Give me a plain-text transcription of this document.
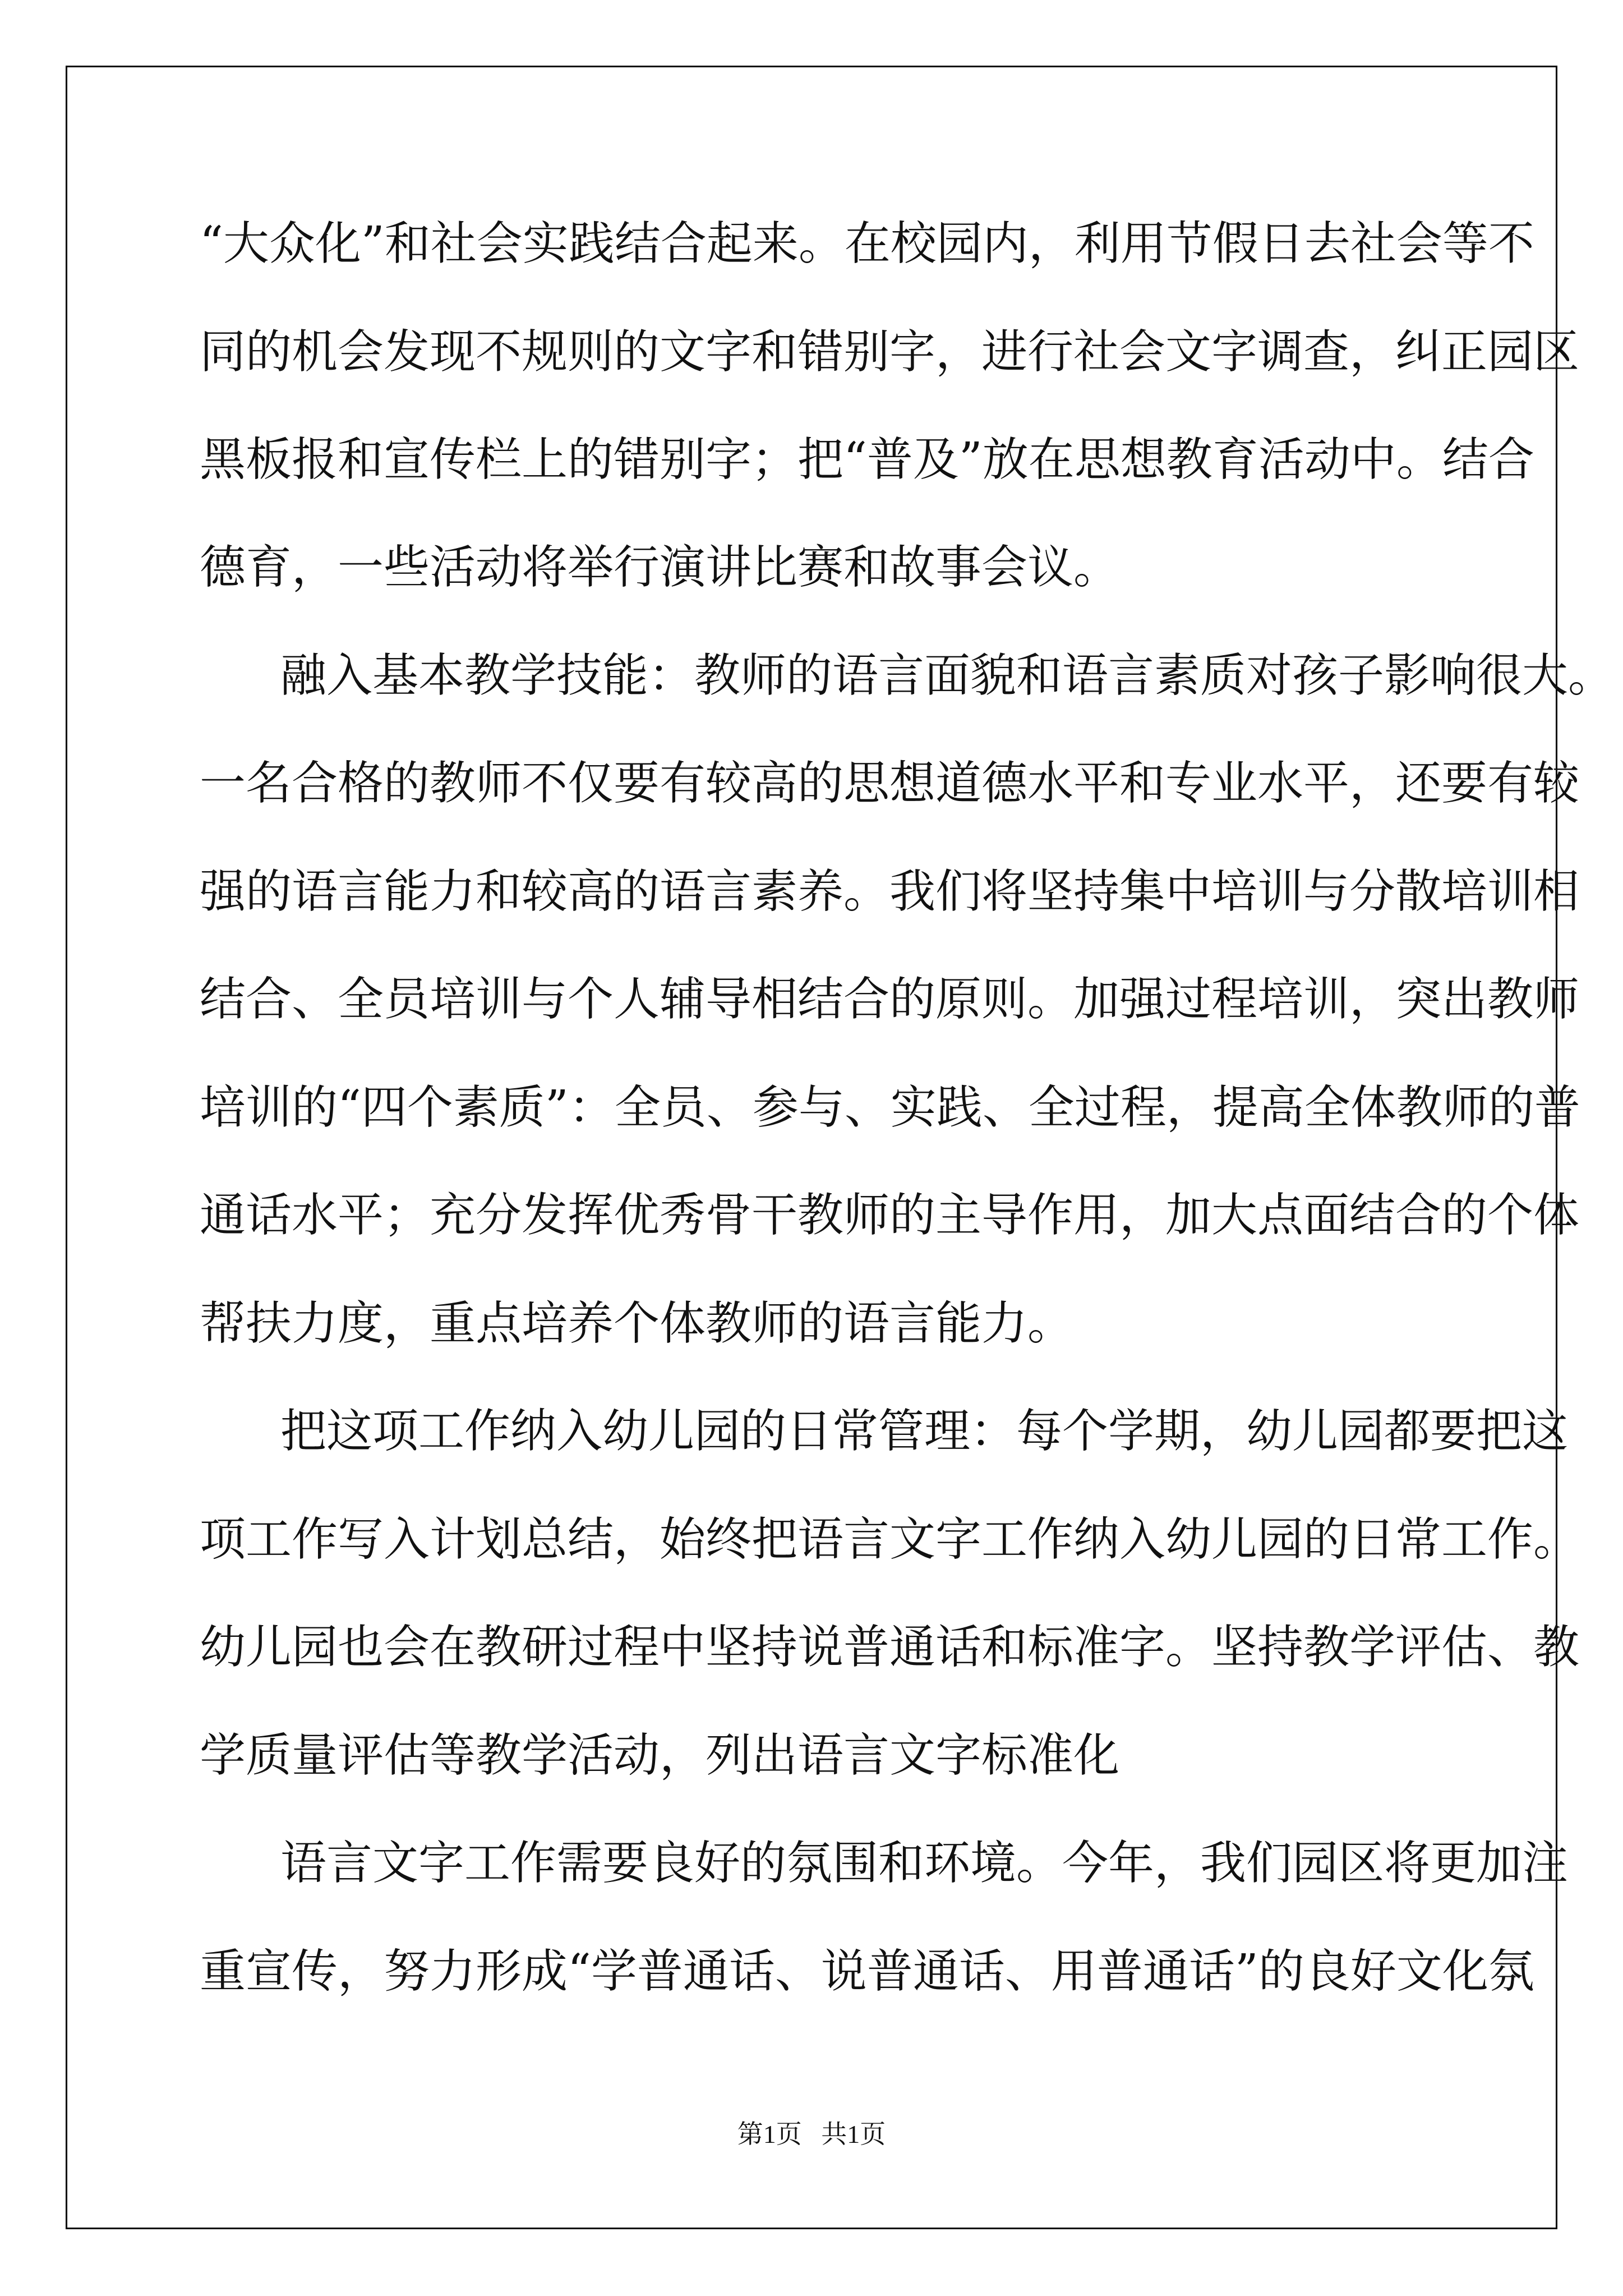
“大众化”和社会实践结合起来。在校园内，利用节假日去社会等不
同的机会发现不规则的文字和错别字，进行社会文字调查，纠正园区
黑板报和宣传栏上的错别字；把“普及”放在思想教育活动中。结合
德育，一些活动将举行演讲比赛和故事会议。
融入基本教学技能：教师的语言面貌和语言素质对孩子影响很大。
一名合格的教师不仅要有较高的思想道德水平和专业水平，还要有较
强的语言能力和较高的语言素养。我们将坚持集中培训与分散培训相
结合、全员培训与个人辅导相结合的原则。加强过程培训，突出教师
培训的“四个素质”：全员、参与、实践、全过程，提高全体教师的普
通话水平；充分发挥优秀骨干教师的主导作用，加大点面结合的个体
帮扶力度，重点培养个体教师的语言能力。
把这项工作纳入幼儿园的日常管理：每个学期，幼儿园都要把这
项工作写入计划总结，始终把语言文字工作纳入幼儿园的日常工作。
幼儿园也会在教研过程中坚持说普通话和标准字。坚持教学评估、教
学质量评估等教学活动，列出语言文字标准化
语言文字工作需要良好的氛围和环境。今年，我们园区将更加注
重宣传，努力形成“学普通话、说普通话、用普通话”的良好文化氛
第1页   共1页
